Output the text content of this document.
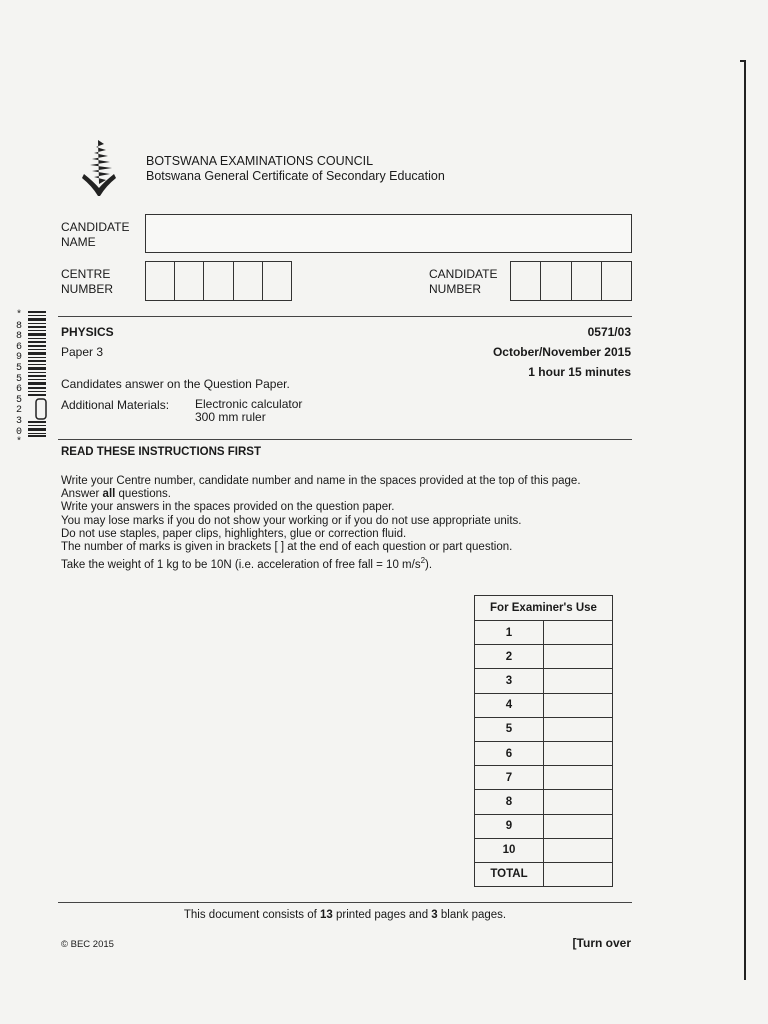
BOTSWANA EXAMINATIONS COUNCIL
Botswana General Certificate of Secondary Education
CANDIDATE
NAME
CENTRE
NUMBER
CANDIDATE
NUMBER
*
8
8
6
9
5
5
6
5
2
3
0
*
PHYSICS	0571/03
Paper 3	October/November 2015
1 hour 15 minutes
Candidates answer on the Question Paper.
Additional Materials: Electronic calculator
300 mm ruler
READ THESE INSTRUCTIONS FIRST
Write your Centre number, candidate number and name in the spaces provided at the top of this page.
Answer all questions.
Write your answers in the spaces provided on the question paper.
You may lose marks if you do not show your working or if you do not use appropriate units.
Do not use staples, paper clips, highlighters, glue or correction fluid.
The number of marks is given in brackets [ ] at the end of each question or part question.
Take the weight of 1 kg to be 10N (i.e. acceleration of free fall = 10 $m/s^2$).
For Examiner's Use	
1	
2	
3	
4	
5	
6	
7	
8	
9	
10	
TOTAL	
This document consists of 13 printed pages and 3 blank pages.
© BEC 2015	[Turn over
